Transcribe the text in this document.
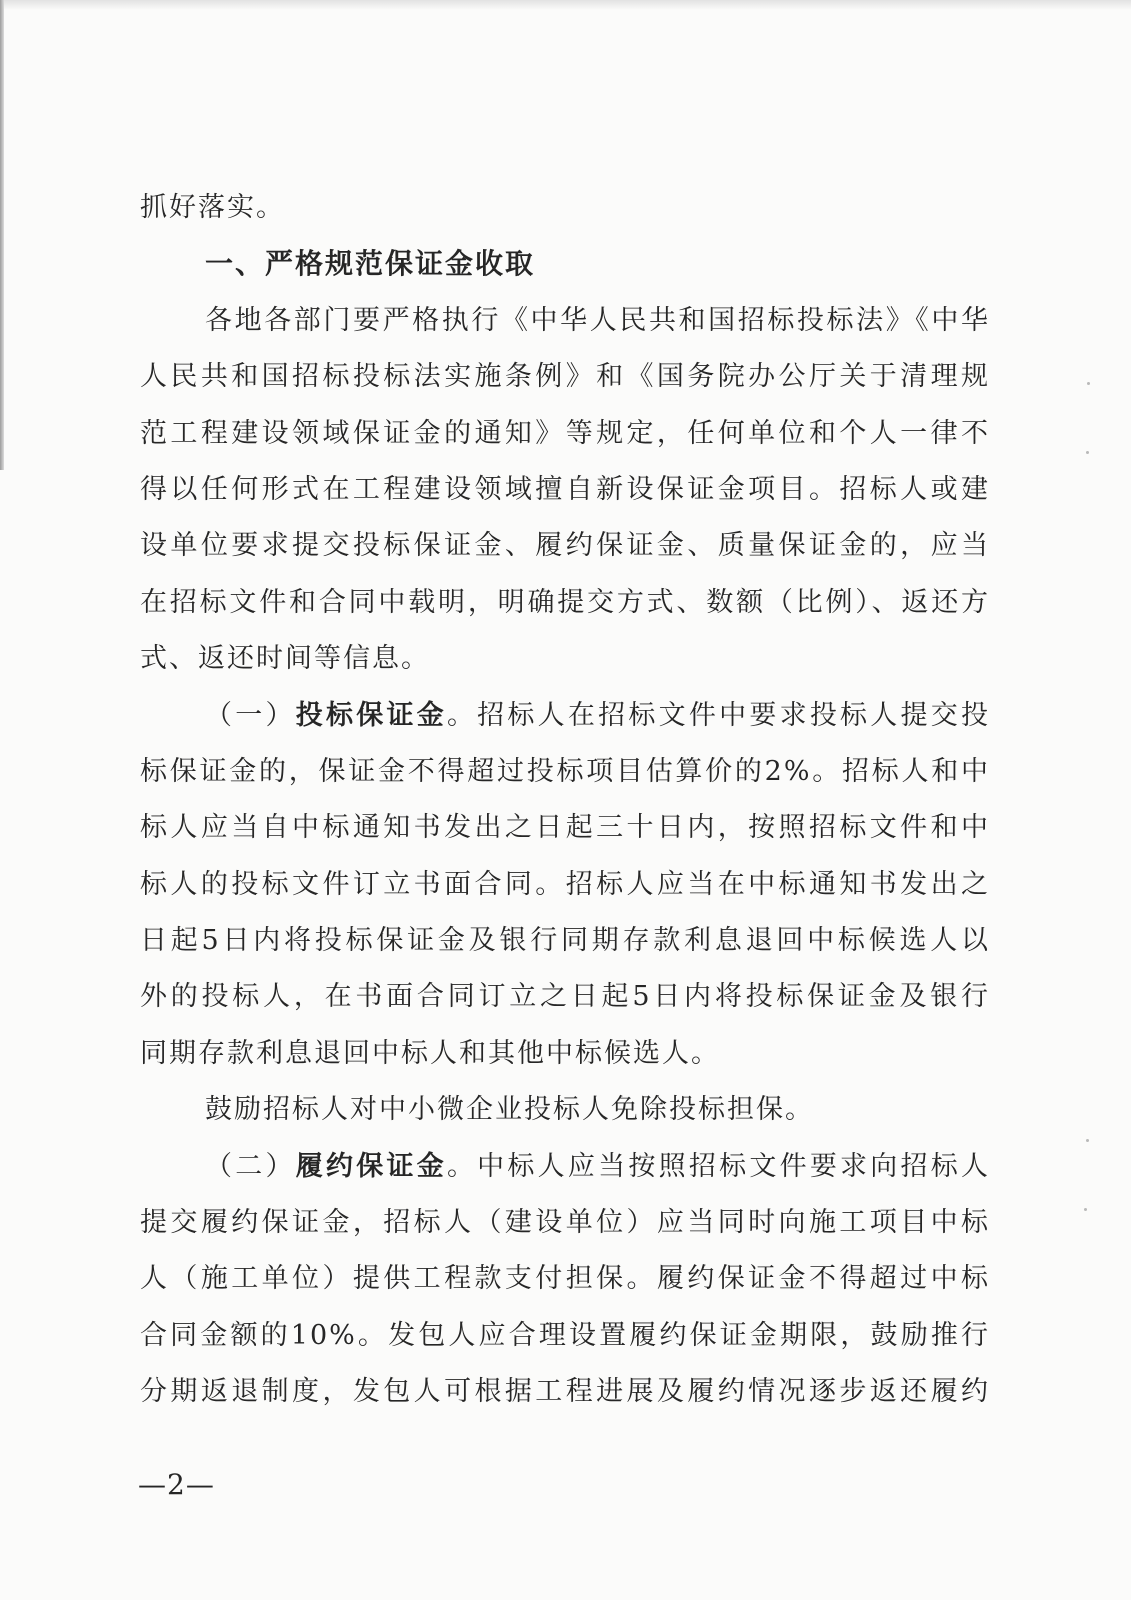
抓好落实。
一、严格规范保证金收取
各地各部门要严格执行《中华人民共和国招标投标法》《中华
人民共和国招标投标法实施条例》和《国务院办公厅关于清理规
范工程建设领域保证金的通知》等规定，任何单位和个人一律不
得以任何形式在工程建设领域擅自新设保证金项目。招标人或建
设单位要求提交投标保证金、履约保证金、质量保证金的，应当
在招标文件和合同中载明，明确提交方式、数额（比例）、返还方
式、返还时间等信息。
（一）投标保证金。招标人在招标文件中要求投标人提交投
标保证金的，保证金不得超过投标项目估算价的2%。招标人和中
标人应当自中标通知书发出之日起三十日内，按照招标文件和中
标人的投标文件订立书面合同。招标人应当在中标通知书发出之
日起5日内将投标保证金及银行同期存款利息退回中标候选人以
外的投标人，在书面合同订立之日起5日内将投标保证金及银行
同期存款利息退回中标人和其他中标候选人。
鼓励招标人对中小微企业投标人免除投标担保。
（二）履约保证金。中标人应当按照招标文件要求向招标人
提交履约保证金，招标人（建设单位）应当同时向施工项目中标
人（施工单位）提供工程款支付担保。履约保证金不得超过中标
合同金额的10%。发包人应合理设置履约保证金期限，鼓励推行
分期返退制度，发包人可根据工程进展及履约情况逐步返还履约
—2—
